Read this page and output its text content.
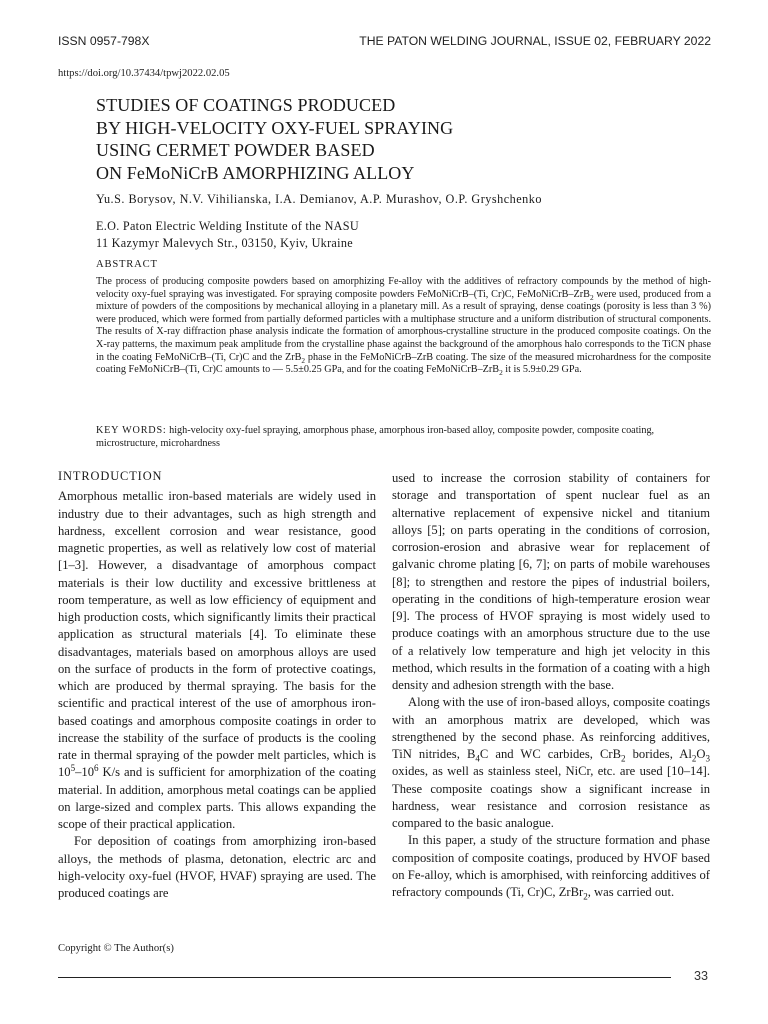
ISSN 0957-798X	THE PATON WELDING JOURNAL, ISSUE 02, FEBRUARY 2022
https://doi.org/10.37434/tpwj2022.02.05
STUDIES OF COATINGS PRODUCED
BY HIGH-VELOCITY OXY-FUEL SPRAYING
USING CERMET POWDER BASED
ON FeMoNiCrB AMORPHIZING ALLOY
Yu.S. Borysov, N.V. Vihilianska, I.A. Demianov, A.P. Murashov, O.P. Gryshchenko
E.O. Paton Electric Welding Institute of the NASU
11 Kazymyr Malevych Str., 03150, Kyiv, Ukraine
ABSTRACT
The process of producing composite powders based on amorphizing Fe-alloy with the additives of refractory compounds by the method of high-velocity oxy-fuel spraying was investigated. For spraying composite powders FeMoNiCrB–(Ti, Cr)C, FeMoNiCrB–ZrB$_2$ were used, produced from a mixture of powders of the compositions by mechanical alloying in a planetary mill. As a result of spraying, dense coatings (porosity is less than 3 %) were produced, which were formed from partially deformed particles with a multiphase structure and a uniform distribution of structural components. The results of X-ray diffraction phase analysis indicate the formation of amorphous-crystalline structure in the produced composite coatings. On the X-ray patterns, the maximum peak amplitude from the crystalline phase against the background of the amorphous halo corresponds to the TiCN phase in the coating FeMoNiCrB–(Ti, Cr)C and the ZrB$_2$ phase in the FeMoNiCrB–ZrB coating. The size of the measured microhardness for the composite coating FeMoNiCrB–(Ti, Cr)C amounts to — 5.5±0.25 GPa, and for the coating FeMoNiCrB–ZrB$_2$ it is 5.9±0.29 GPa.
KEY WORDS: high-velocity oxy-fuel spraying, amorphous phase, amorphous iron-based alloy, composite powder, composite coating, microstructure, microhardness
INTRODUCTION

Amorphous metallic iron-based materials are widely used in industry due to their advantages, such as high strength and hardness, excellent corrosion and wear resistance, good magnetic properties, as well as relatively low cost of material [1–3]. However, a disadvantage of amorphous compact materials is their low ductility and excessive brittleness at room temperature, as well as low efficiency of equipment and high production costs, which significantly limits their practical application as structural materials [4]. To eliminate these disadvantages, materials based on amorphous alloys are used on the surface of products in the form of protective coatings, which are produced by thermal spraying. The basis for the scientific and practical interest of the use of amorphous iron-based coatings and amorphous composite coatings in order to increase the stability of the surface of products is the cooling rate in thermal spraying of the powder melt particles, which is $10^5-10^6$ K/s and is sufficient for amorphization of the coating material. In addition, amorphous metal coatings can be applied on large-sized and complex parts. This allows expanding the scope of their practical application.

For deposition of coatings from amorphizing iron-based alloys, the methods of plasma, detonation, electric arc and high-velocity oxy-fuel (HVOF, HVAF) spraying are used. The produced coatings are

used to increase the corrosion stability of containers for storage and transportation of spent nuclear fuel as an alternative replacement of expensive nickel and titanium alloys [5]; on parts operating in the conditions of corrosion, corrosion-erosion and abrasive wear for replacement of galvanic chrome plating [6, 7]; on parts of mobile warehouses [8]; to strengthen and restore the pipes of industrial boilers, operating in the conditions of high-temperature erosion wear [9]. The process of HVOF spraying is most widely used to produce coatings with an amorphous structure due to the use of a relatively low temperature and high jet velocity in this method, which results in the formation of a coating with a high density and adhesion strength with the base.

Along with the use of iron-based alloys, composite coatings with an amorphous matrix are developed, which was strengthened by the second phase. As reinforcing additives, TiN nitrides, $B_4C$ and WC carbides, CrB$_2$ borides, $Al_2O_3$ oxides, as well as stainless steel, NiCr, etc. are used [10–14]. These composite coatings show a significant increase in hardness, wear resistance and corrosion resistance as compared to the basic analogue.

In this paper, a study of the structure formation and phase composition of composite coatings, produced by HVOF based on Fe-alloy, which is amorphised, with reinforcing additives of refractory compounds (Ti, Cr)C, ZrBr$_2$, was carried out.

Copyright © The Author(s)
33
